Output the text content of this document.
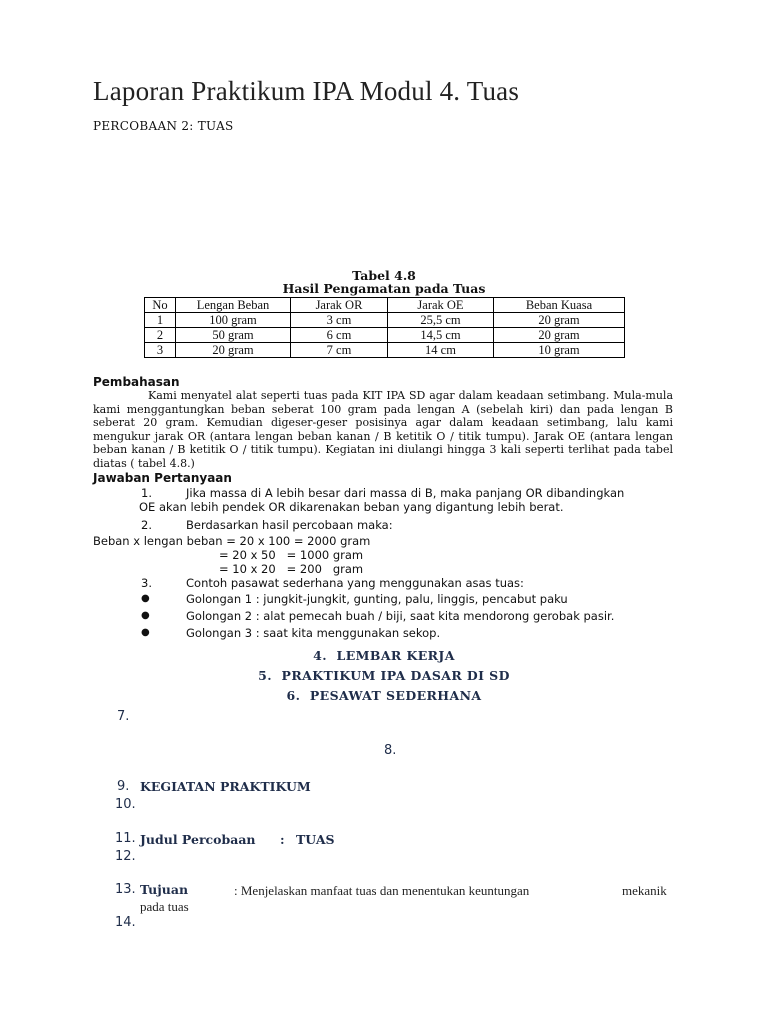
Laporan Praktikum IPA Modul 4. Tuas
PERCOBAAN 2: TUAS
Tabel 4.8
Hasil Pengamatan pada Tuas
No	Lengan Beban	Jarak OR	Jarak OE	Beban Kuasa
1	100 gram	3 cm	25,5 cm	20 gram
2	50 gram	6 cm	14,5 cm	20 gram
3	20 gram	7 cm	14 cm	10 gram
Pembahasan
Kami menyatel alat seperti tuas pada KIT IPA SD agar dalam keadaan setimbang. Mula-mula kami menggantungkan beban seberat 100 gram pada lengan A (sebelah kiri) dan pada lengan B seberat 20 gram. Kemudian digeser-geser posisinya agar dalam keadaan setimbang, lalu kami mengukur jarak OR (antara lengan beban kanan / B ketitik O / titik tumpu). Jarak OE (antara lengan beban kanan / B ketitik O / titik tumpu). Kegiatan ini diulangi hingga 3 kali seperti terlihat pada tabel diatas ( tabel 4.8.)
Jawaban Pertanyaan
1.	Jika massa di A lebih besar dari massa di B, maka panjang OR dibandingkan
OE akan lebih pendek OR dikarenakan beban yang digantung lebih berat.
2.	Berdasarkan hasil percobaan maka:
Beban x lengan beban = 20 x 100 = 2000 gram
= 20 x 50   = 1000 gram
= 10 x 20   = 200   gram
3.	Contoh pasawat sederhana yang menggunakan asas tuas:
●	Golongan 1 : jungkit-jungkit, gunting, palu, linggis, pencabut paku
●	Golongan 2 : alat pemecah buah / biji, saat kita mendorong gerobak pasir.
●	Golongan 3 : saat kita menggunakan sekop.
4. LEMBAR KERJA
5. PRAKTIKUM IPA DASAR DI SD
6. PESAWAT SEDERHANA
7.
8.
9. KEGIATAN PRAKTIKUM
10.
11. Judul Percobaan : TUAS
12.
13. Tujuan	: Menjelaskan manfaat tuas dan menentukan keuntungan	mekanik
pada tuas
14.
